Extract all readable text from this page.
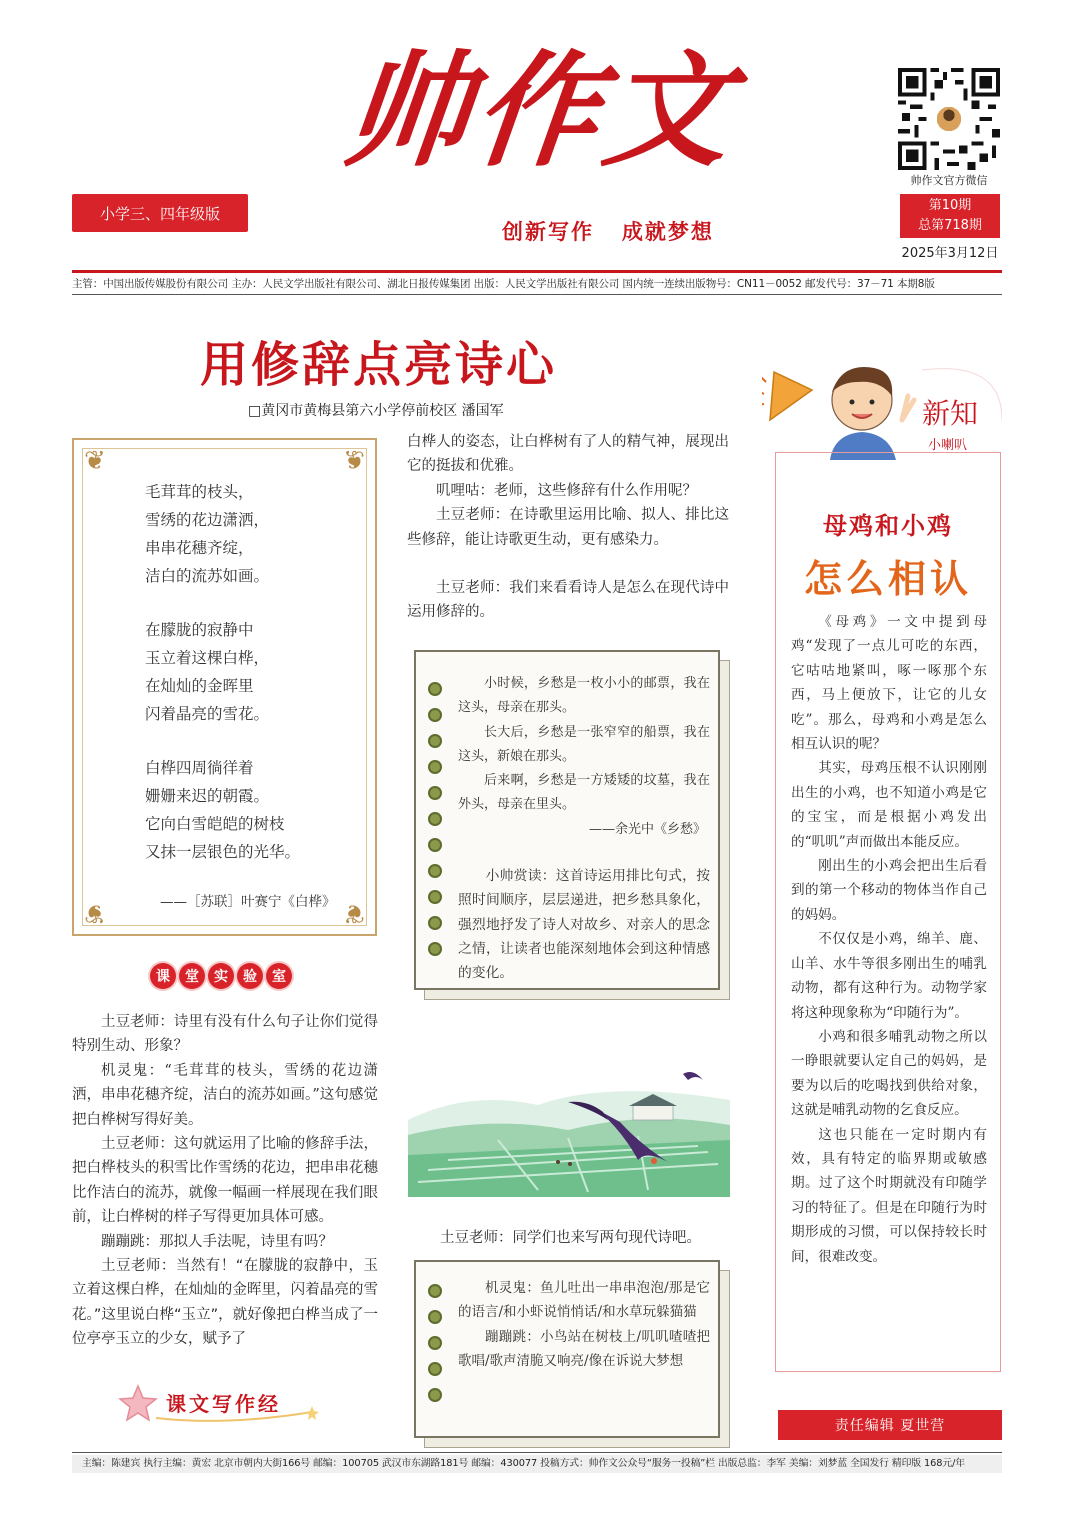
帅作文
创新写作   成就梦想
小学三、四年级版
帅作文官方微信
第10期
总第718期
2025年3月12日
主管：中国出版传媒股份有限公司 主办：人民文学出版社有限公司、湖北日报传媒集团 出版：人民文学出版社有限公司 国内统一连续出版物号：CN11－0052 邮发代号：37－71 本期8版
用修辞点亮诗心
□黄冈市黄梅县第六小学停前校区 潘国军
❦	❦
❦	❦
毛茸茸的枝头，
雪绣的花边潇洒，
串串花穗齐绽，
洁白的流苏如画。
在朦胧的寂静中
玉立着这棵白桦，
在灿灿的金晖里
闪着晶亮的雪花。
白桦四周徜徉着
姗姗来迟的朝霞。
它向白雪皑皑的树枝
又抹一层银色的光华。
——［苏联］叶赛宁《白桦》
课	堂	实	验	室

土豆老师：诗里有没有什么句子让你们觉得特别生动、形象？

机灵鬼：“毛茸茸的枝头，雪绣的花边潇洒，串串花穗齐绽，洁白的流苏如画。”这句感觉把白桦树写得好美。

土豆老师：这句就运用了比喻的修辞手法，把白桦枝头的积雪比作雪绣的花边，把串串花穗比作洁白的流苏，就像一幅画一样展现在我们眼前，让白桦树的样子写得更加具体可感。

蹦蹦跳：那拟人手法呢，诗里有吗？

土豆老师：当然有！“在朦胧的寂静中，玉立着这棵白桦，在灿灿的金晖里，闪着晶亮的雪花。”这里说白桦“玉立”，就好像把白桦当成了一位亭亭玉立的少女，赋予了

课文写作经
白桦人的姿态，让白桦树有了人的精气神，展现出它的挺拔和优雅。

叽哩咕：老师，这些修辞有什么作用呢？

土豆老师：在诗歌里运用比喻、拟人、排比这些修辞，能让诗歌更生动，更有感染力。

土豆老师：我们来看看诗人是怎么在现代诗中运用修辞的。

小时候，乡愁是一枚小小的邮票，我在这头，母亲在那头。

长大后，乡愁是一张窄窄的船票，我在这头，新娘在那头。

后来啊，乡愁是一方矮矮的坟墓，我在外头，母亲在里头。

——余光中《乡愁》

小帅赏读：这首诗运用排比句式，按照时间顺序，层层递进，把乡愁具象化，强烈地抒发了诗人对故乡、对亲人的思念之情，让读者也能深刻地体会到这种情感的变化。

土豆老师：同学们也来写两句现代诗吧。

机灵鬼：鱼儿吐出一串串泡泡/那是它的语言/和小虾说悄悄话/和水草玩躲猫猫

蹦蹦跳：小鸟站在树枝上/叽叽喳喳把歌唱/歌声清脆又响亮/像在诉说大梦想

新知
小喇叭
母鸡和小鸡
怎么相认

《母鸡》一文中提到母鸡“发现了一点儿可吃的东西，它咕咕地紧叫，啄一啄那个东西，马上便放下，让它的儿女吃”。那么，母鸡和小鸡是怎么相互认识的呢？

其实，母鸡压根不认识刚刚出生的小鸡，也不知道小鸡是它的宝宝，而是根据小鸡发出的“叽叽”声而做出本能反应。

刚出生的小鸡会把出生后看到的第一个移动的物体当作自己的妈妈。

不仅仅是小鸡，绵羊、鹿、山羊、水牛等很多刚出生的哺乳动物，都有这种行为。动物学家将这种现象称为“印随行为”。

小鸡和很多哺乳动物之所以一睁眼就要认定自己的妈妈，是要为以后的吃喝找到供给对象，这就是哺乳动物的乞食反应。

这也只能在一定时期内有效，具有特定的临界期或敏感期。过了这个时期就没有印随学习的特征了。但是在印随行为时期形成的习惯，可以保持较长时间，很难改变。

责任编辑 夏世营
主编：陈建宾 执行主编：黄宏 北京市朝内大街166号 邮编：100705 武汉市东湖路181号 邮编：430077 投稿方式：帅作文公众号“服务一投稿”栏 出版总监：李军 美编：刘梦蓝 全国发行 精印版 168元/年
